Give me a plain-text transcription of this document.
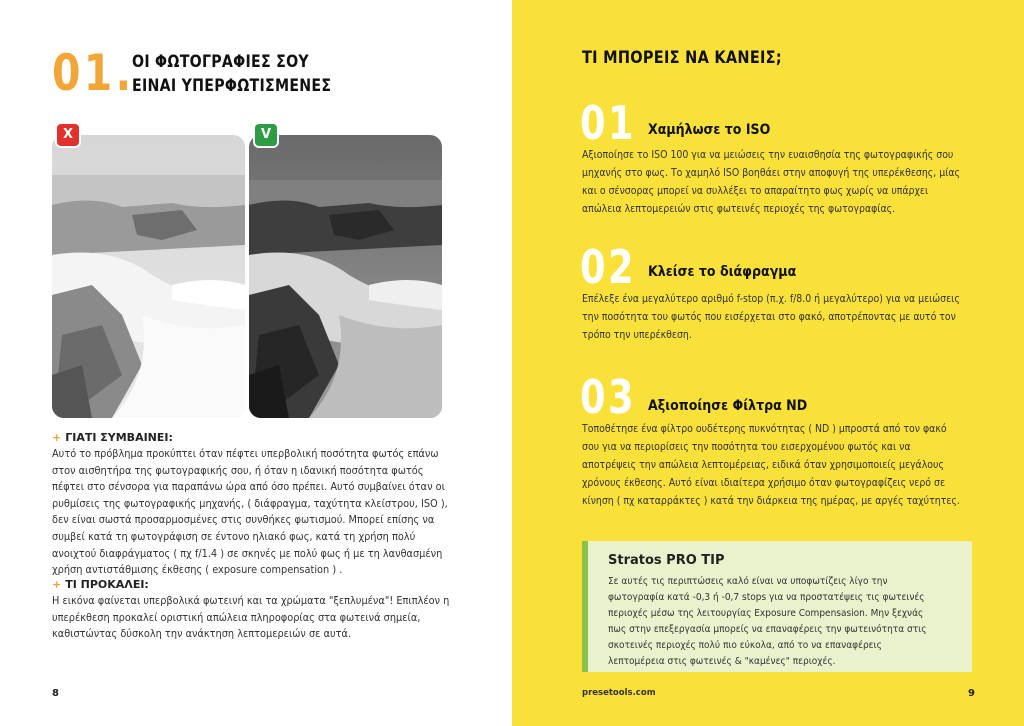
01.
ΟΙ ΦΩΤΟΓΡΑΦΙΕΣ ΣΟΥ
ΕΙΝΑΙ ΥΠΕΡΦΩΤΙΣΜΕΝΕΣ
X	V
+ ΓΙΑΤΙ ΣΥΜΒΑΙΝΕΙ:
Αυτό το πρόβλημα προκύπτει όταν πέφτει υπερβολική ποσότητα φωτός επάνω
στον αισθητήρα της φωτογραφικής σου, ή όταν η ιδανική ποσότητα φωτός
πέφτει στο σένσορα για παραπάνω ώρα από όσο πρέπει. Αυτό συμβαίνει όταν οι
ρυθμίσεις της φωτογραφικής μηχανής, ( διάφραγμα, ταχύτητα κλείστρου, ISO ),
δεν είναι σωστά προσαρμοσμένες στις συνθήκες φωτισμού. Μπορεί επίσης να
συμβεί κατά τη φωτογράφιση σε έντονο ηλιακό φως, κατά τη χρήση πολύ
ανοιχτού διαφράγματος ( πχ f/1.4 ) σε σκηνές με πολύ φως ή με τη λανθασμένη
χρήση αντιστάθμισης έκθεσης ( exposure compensation ) .
+ ΤΙ ΠΡΟΚΑΛΕΙ:
Η εικόνα φαίνεται υπερβολικά φωτεινή και τα χρώματα "ξεπλυμένα"! Επιπλέον η
υπερέκθεση προκαλεί οριστική απώλεια πληροφορίας στα φωτεινά σημεία,
καθιστώντας δύσκολη την ανάκτηση λεπτομερειών σε αυτά.
8
ΤΙ ΜΠΟΡΕΙΣ ΝΑ ΚΑΝΕΙΣ;
01 Χαμήλωσε το ISO
Αξιοποίησε το ISO 100 για να μειώσεις την ευαισθησία της φωτογραφικής σου
μηχανής στο φως. Το χαμηλό ISO βοηθάει στην αποφυγή της υπερέκθεσης, μίας
και ο σένσορας μπορεί να συλλέξει το απαραίτητο φως χωρίς να υπάρχει
απώλεια λεπτομερειών στις φωτεινές περιοχές της φωτογραφίας.
02 Κλείσε το διάφραγμα
Επέλεξε ένα μεγαλύτερο αριθμό f-stop (π.χ. f/8.0 ή μεγαλύτερο) για να μειώσεις
την ποσότητα του φωτός που εισέρχεται στο φακό, αποτρέποντας με αυτό τον
τρόπο την υπερέκθεση.
03 Αξιοποίησε Φίλτρα ND
Τοποθέτησε ένα φίλτρο ουδέτερης πυκνότητας ( ND ) μπροστά από τον φακό
σου για να περιορίσεις την ποσότητα του εισερχομένου φωτός και να
αποτρέψεις την απώλεια λεπτομέρειας, ειδικά όταν χρησιμοποιείς μεγάλους
χρόνους έκθεσης. Αυτό είναι ιδιαίτερα χρήσιμο όταν φωτογραφίζεις νερό σε
κίνηση ( πχ καταρράκτες ) κατά την διάρκεια της ημέρας, με αργές ταχύτητες.
Stratos PRO TIP
Σε αυτές τις περιπτώσεις καλό είναι να υποφωτίζεις λίγο την
φωτογραφία κατά -0,3 ή -0,7 stops για να προστατέψεις τις φωτεινές
περιοχές μέσω της λειτουργίας Exposure Compensasion. Μην ξεχνάς
πως στην επεξεργασία μπορείς να επαναφέρεις την φωτεινότητα στις
σκοτεινές περιοχές πολύ πιο εύκολα, από το να επαναφέρεις
λεπτομέρεια στις φωτεινές & "καμένες" περιοχές.
presetools.com	9
